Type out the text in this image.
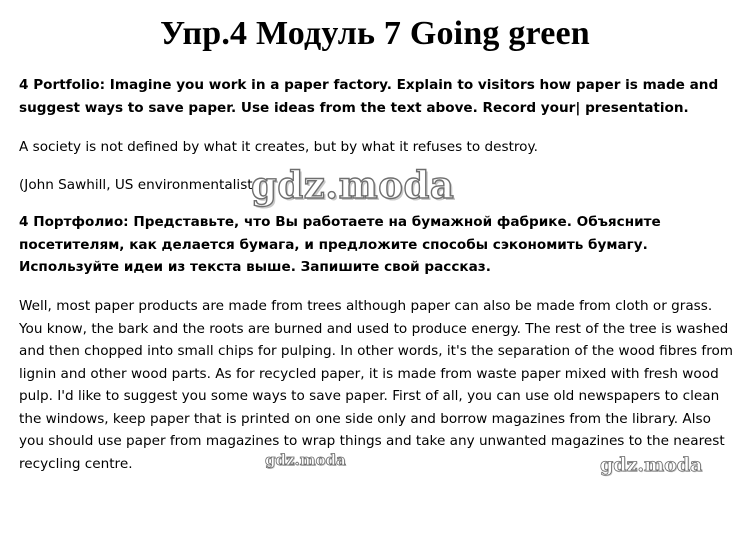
Упр.4 Модуль 7 Going green

4 Portfolio: Imagine you work in a paper factory. Explain to visitors how paper is made and suggest ways to save paper. Use ideas from the text above. Record your| presentation.

A society is not defined by what it creates, but by what it refuses to destroy.

(John Sawhill, US environmentalist

4 Портфолио: Представьте, что Вы работаете на бумажной фабрике. Объясните посетителям, как делается бумага, и предложите способы сэкономить бумагу. Используйте идеи из текста выше. Запишите свой рассказ.

Well, most paper products are made from trees although paper can also be made from cloth or grass. You know, the bark and the roots are burned and used to produce energy. The rest of the tree is washed and then chopped into small chips for pulping. In other words, it's the separation of the wood fibres from lignin and other wood parts. As for recycled paper, it is made from waste paper mixed with fresh wood pulp. I'd like to suggest you some ways to save paper. First of all, you can use old newspapers to clean the windows, keep paper that is printed on one side only and borrow magazines from the library. Also you should use paper from magazines to wrap things and take any unwanted magazines to the nearest recycling centre.

gdz.moda
gdz.moda	gdz.moda
